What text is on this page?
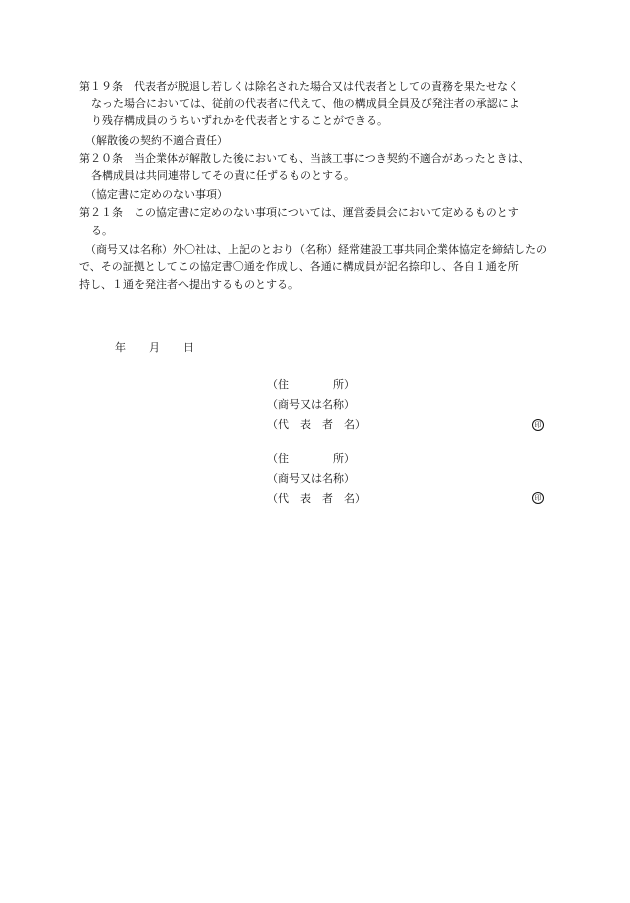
第１９条　代表者が脱退し若しくは除名された場合又は代表者としての責務を果たせなく
なった場合においては、従前の代表者に代えて、他の構成員全員及び発注者の承認によ
り残存構成員のうちいずれかを代表者とすることができる。
（解散後の契約不適合責任）
第２０条　当企業体が解散した後においても、当該工事につき契約不適合があったときは、
各構成員は共同連帯してその責に任ずるものとする。
（協定書に定めのない事項）
第２１条　この協定書に定めのない事項については、運営委員会において定めるものとす
る。
（商号又は名称）外〇社は、上記のとおり（名称）経常建設工事共同企業体協定を締結したの
で、その証拠としてこの協定書〇通を作成し、各通に構成員が記名捺印し、各自１通を所
持し、１通を発注者へ提出するものとする。
年 月 日
（住　　　　所）
（商号又は名称）
（代　表　者　名）	印
（住　　　　所）
（商号又は名称）
（代　表　者　名）	印
